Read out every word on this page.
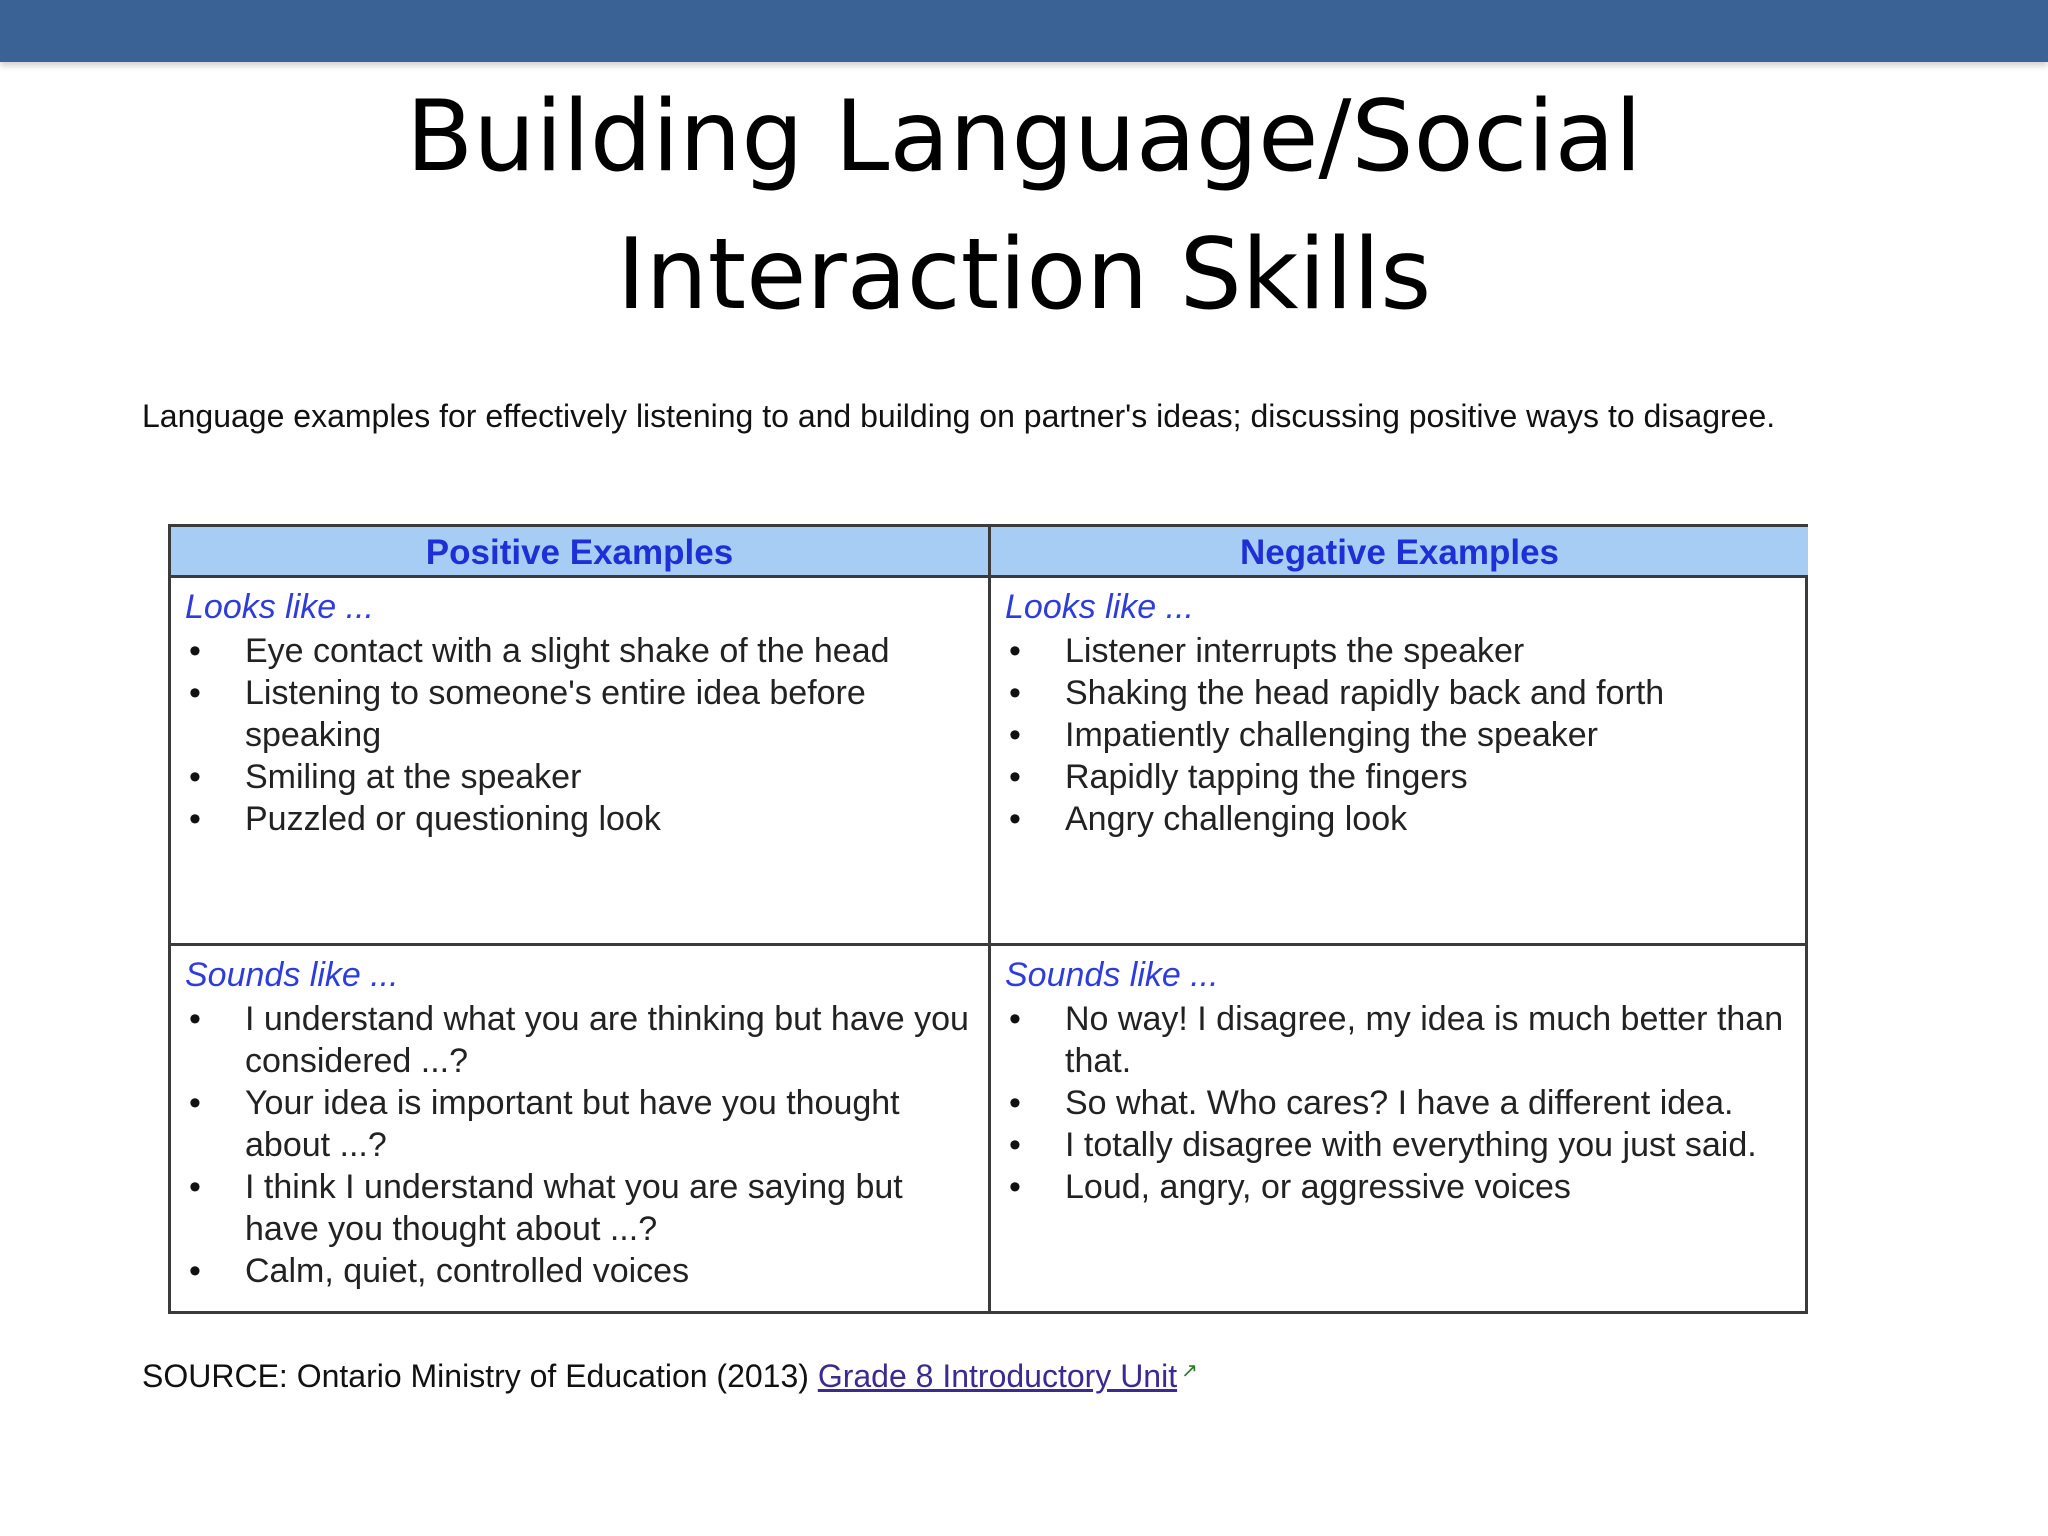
Building Language/Social
Interaction Skills
Language examples for effectively listening to and building on partner's ideas; discussing positive ways to disagree.
Positive Examples	Negative Examples
Looks like ...
• Eye contact with a slight shake of the head
• Listening to someone's entire idea before speaking
• Smiling at the speaker
• Puzzled or questioning look
Looks like ...
• Listener interrupts the speaker
• Shaking the head rapidly back and forth
• Impatiently challenging the speaker
• Rapidly tapping the fingers
• Angry challenging look
Sounds like ...
• I understand what you are thinking but have you considered ...?
• Your idea is important but have you thought about ...?
• I think I understand what you are saying but have you thought about ...?
• Calm, quiet, controlled voices
Sounds like ...
• No way! I disagree, my idea is much better than that.
• So what. Who cares? I have a different idea.
• I totally disagree with everything you just said.
• Loud, angry, or aggressive voices
SOURCE: Ontario Ministry of Education (2013) Grade 8 Introductory Unit ↗
